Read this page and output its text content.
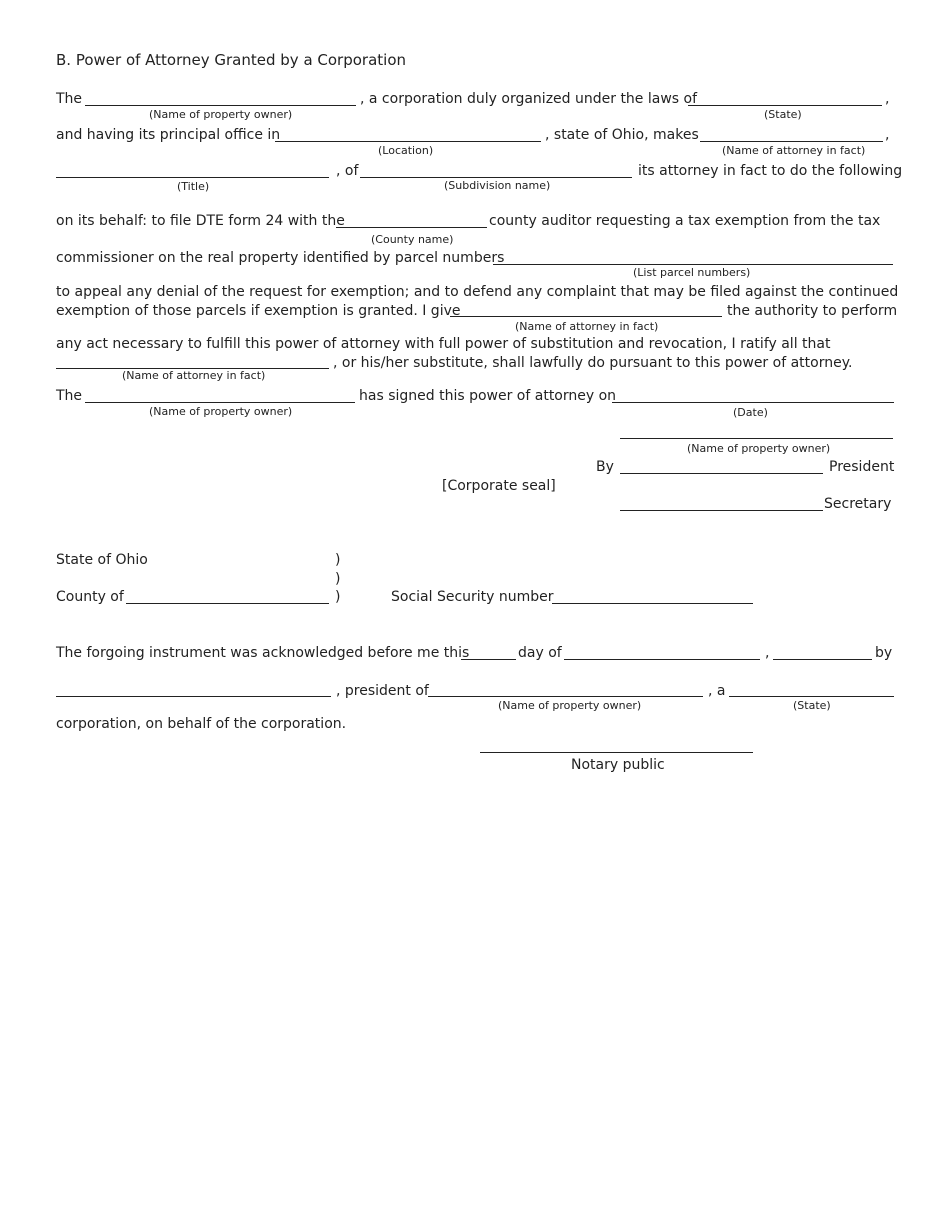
B. Power of Attorney Granted by a Corporation
The
(Name of property owner)
, a corporation duly organized under the laws of
(State)
,
and having its principal office in
(Location)
, state of Ohio, makes
(Name of attorney in fact)
,
(Title)
, of
(Subdivision name)
its attorney in fact to do the following
on its behalf: to file DTE form 24 with the
(County name)
county auditor requesting a tax exemption from the tax
commissioner on the real property identified by parcel numbers
(List parcel numbers)
to appeal any denial of the request for exemption; and to defend any complaint that may be filed against the continued
exemption of those parcels if exemption is granted. I give
(Name of attorney in fact)
the authority to perform
any act necessary to fulfill this power of attorney with full power of substitution and revocation, I ratify all that
(Name of attorney in fact)
, or his/her substitute, shall lawfully do pursuant to this power of attorney.
The
(Name of property owner)
has signed this power of attorney on
(Date)
(Name of property owner)
By	President
[Corporate seal]
Secretary
State of Ohio	)
)
County of	)	Social Security number
The forgoing instrument was acknowledged before me this	day of	,	by
, president of
(Name of property owner)
, a
(State)
corporation, on behalf of the corporation.
Notary public
